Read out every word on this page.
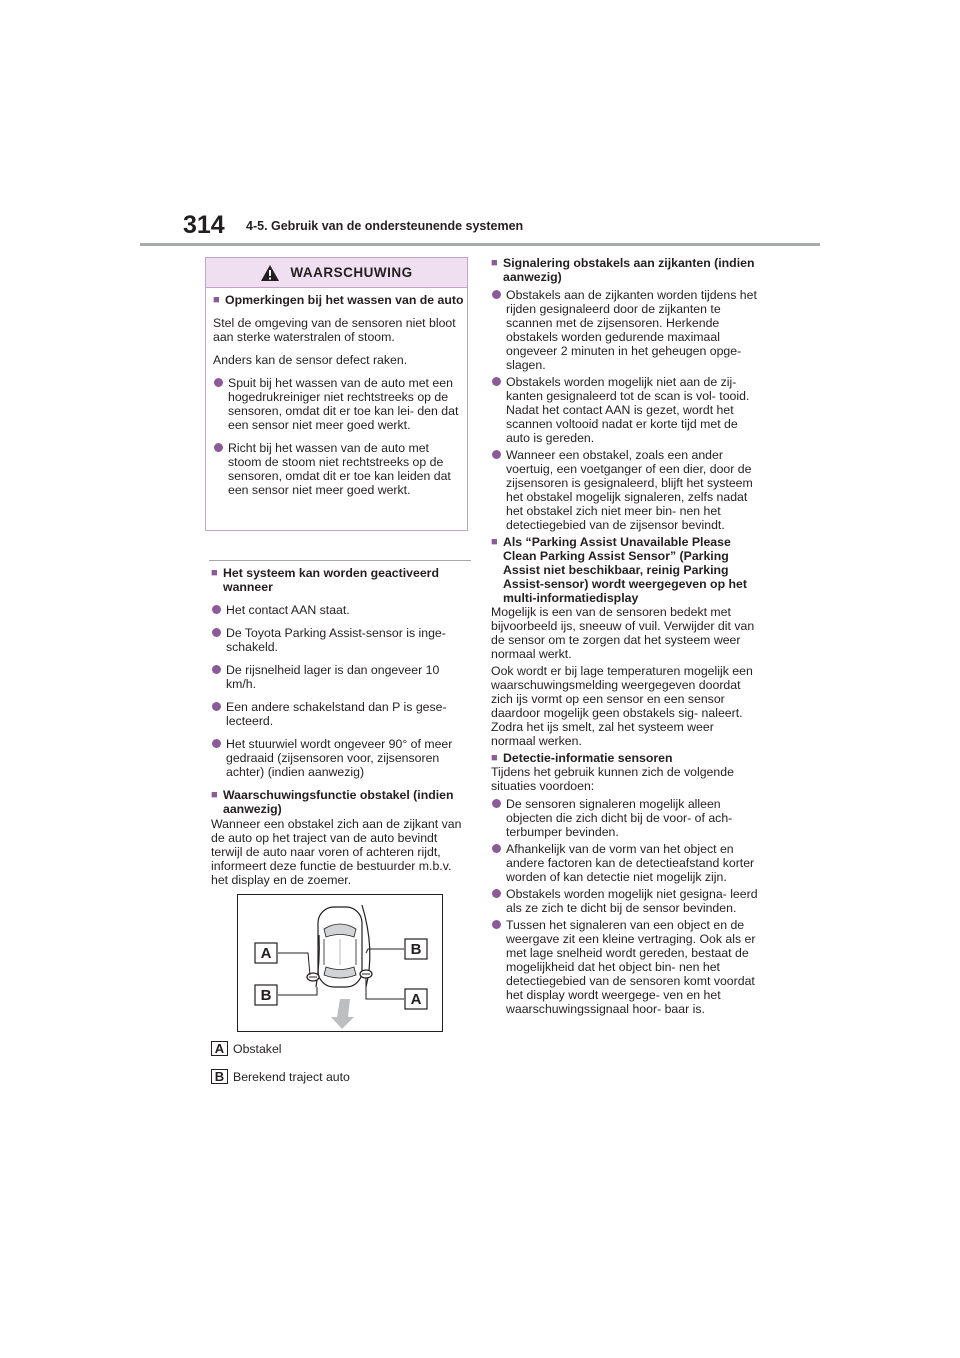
314 4-5. Gebruik van de ondersteunende systemen
WAARSCHUWING
■ Opmerkingen bij het wassen van de auto
Stel de omgeving van de sensoren niet bloot aan sterke waterstralen of stoom.
Anders kan de sensor defect raken.
Spuit bij het wassen van de auto met een hogedrukreiniger niet rechtstreeks op de sensoren, omdat dit er toe kan lei- den dat een sensor niet meer goed werkt.
Richt bij het wassen van de auto met stoom de stoom niet rechtstreeks op de sensoren, omdat dit er toe kan leiden dat een sensor niet meer goed werkt.
■ Het systeem kan worden geactiveerd wanneer
Het contact AAN staat.
De Toyota Parking Assist-sensor is inge- schakeld.
De rijsnelheid lager is dan ongeveer 10 km/h.
Een andere schakelstand dan P is gese- lecteerd.
Het stuurwiel wordt ongeveer 90° of meer gedraaid (zijsensoren voor, zijsensoren achter) (indien aanwezig)
■ Waarschuwingsfunctie obstakel (indien aanwezig)
Wanneer een obstakel zich aan de zijkant van de auto op het traject van de auto bevindt terwijl de auto naar voren of achteren rijdt, informeert deze functie de bestuurder m.b.v. het display en de zoemer.
A
B
B
A
A Obstakel
B Berekend traject auto
■ Signalering obstakels aan zijkanten (indien aanwezig)
Obstakels aan de zijkanten worden tijdens het rijden gesignaleerd door de zijkanten te scannen met de zijsensoren. Herkende obstakels worden gedurende maximaal ongeveer 2 minuten in het geheugen opge- slagen.
Obstakels worden mogelijk niet aan de zij- kanten gesignaleerd tot de scan is vol- tooid. Nadat het contact AAN is gezet, wordt het scannen voltooid nadat er korte tijd met de auto is gereden.
Wanneer een obstakel, zoals een ander voertuig, een voetganger of een dier, door de zijsensoren is gesignaleerd, blijft het systeem het obstakel mogelijk signaleren, zelfs nadat het obstakel zich niet meer bin- nen het detectiegebied van de zijsensor bevindt.
■ Als “Parking Assist Unavailable Please Clean Parking Assist Sensor” (Parking Assist niet beschikbaar, reinig Parking Assist-sensor) wordt weergegeven op het multi-informatiedisplay
Mogelijk is een van de sensoren bedekt met bijvoorbeeld ijs, sneeuw of vuil. Verwijder dit van de sensor om te zorgen dat het systeem weer normaal werkt.
Ook wordt er bij lage temperaturen mogelijk een waarschuwingsmelding weergegeven doordat zich ijs vormt op een sensor en een sensor daardoor mogelijk geen obstakels sig- naleert. Zodra het ijs smelt, zal het systeem weer normaal werken.
■ Detectie-informatie sensoren
Tijdens het gebruik kunnen zich de volgende situaties voordoen:
De sensoren signaleren mogelijk alleen objecten die zich dicht bij de voor- of ach- terbumper bevinden.
Afhankelijk van de vorm van het object en andere factoren kan de detectieafstand korter worden of kan detectie niet mogelijk zijn.
Obstakels worden mogelijk niet gesigna- leerd als ze zich te dicht bij de sensor bevinden.
Tussen het signaleren van een object en de weergave zit een kleine vertraging. Ook als er met lage snelheid wordt gereden, bestaat de mogelijkheid dat het object bin- nen het detectiegebied van de sensoren komt voordat het display wordt weergege- ven en het waarschuwingssignaal hoor- baar is.
